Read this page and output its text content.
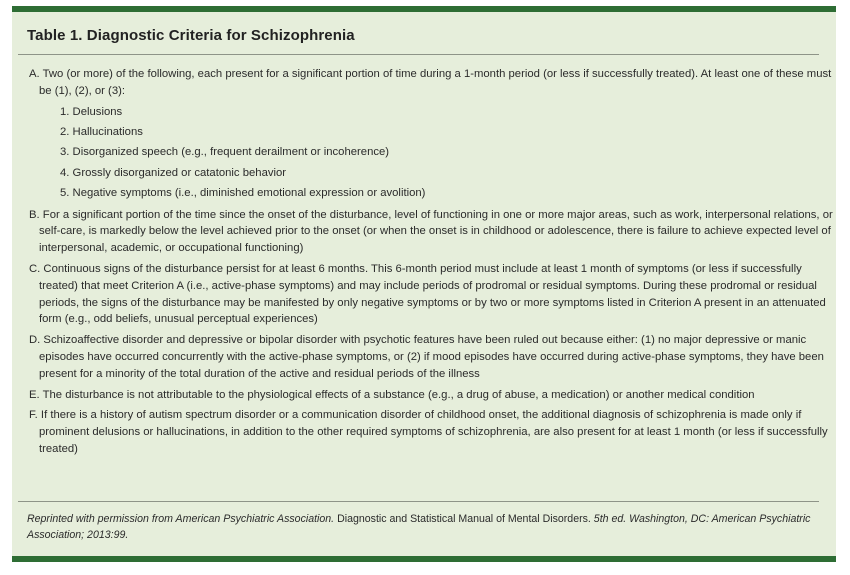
Table 1. Diagnostic Criteria for Schizophrenia

A. Two (or more) of the following, each present for a significant portion of time during a 1-month period (or less if successfully treated). At least one of these must be (1), (2), or (3):

1. Delusions
2. Hallucinations
3. Disorganized speech (e.g., frequent derailment or incoherence)
4. Grossly disorganized or catatonic behavior
5. Negative symptoms (i.e., diminished emotional expression or avolition)

B. For a significant portion of the time since the onset of the disturbance, level of functioning in one or more major areas, such as work, interpersonal relations, or self-care, is markedly below the level achieved prior to the onset (or when the onset is in childhood or adolescence, there is failure to achieve expected level of interpersonal, academic, or occupational functioning)

C. Continuous signs of the disturbance persist for at least 6 months. This 6-month period must include at least 1 month of symptoms (or less if successfully treated) that meet Criterion A (i.e., active-phase symptoms) and may include periods of prodromal or residual symptoms. During these prodromal or residual periods, the signs of the disturbance may be manifested by only negative symptoms or by two or more symptoms listed in Criterion A present in an attenuated form (e.g., odd beliefs, unusual perceptual experiences)

D. Schizoaffective disorder and depressive or bipolar disorder with psychotic features have been ruled out because either: (1) no major depressive or manic episodes have occurred concurrently with the active-phase symptoms, or (2) if mood episodes have occurred during active-phase symptoms, they have been present for a minority of the total duration of the active and residual periods of the illness

E. The disturbance is not attributable to the physiological effects of a substance (e.g., a drug of abuse, a medication) or another medical condition

F. If there is a history of autism spectrum disorder or a communication disorder of childhood onset, the additional diagnosis of schizophrenia is made only if prominent delusions or hallucinations, in addition to the other required symptoms of schizophrenia, are also present for at least 1 month (or less if successfully treated)

Reprinted with permission from American Psychiatric Association. Diagnostic and Statistical Manual of Mental Disorders. 5th ed. Washington, DC: American Psychiatric Association; 2013:99.
